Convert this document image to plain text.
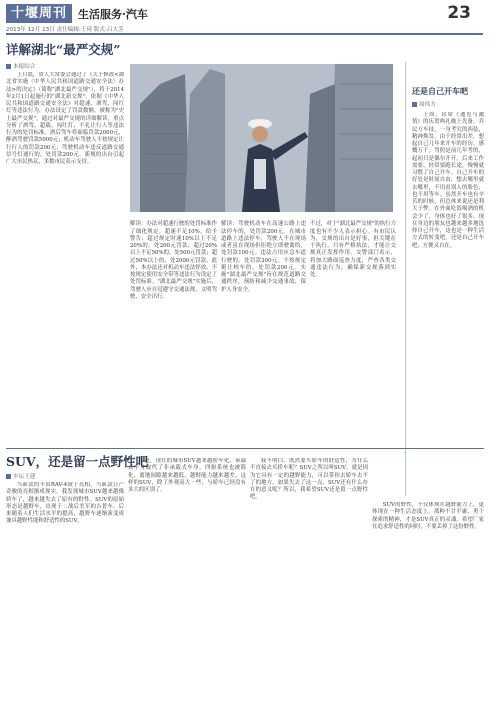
十堰周刊	生活服务·汽车
2013年 12月 13日 责任编辑:王琦 版式:吕大芳
23
详解湖北“最严交规”
本报综合

上月底，省人大常委会通过了《关于修改<湖北省实施〈中华人民共和国道路交通安全法〉办法>的决定》（简称"湖北最严交规"），将于2014年2月1日起施行的"湖北新交规"。依据《中华人民共和国道路交通安全法》对超速、酒驾、闯红灯等违法行为，办法设定了罚款数额，被称为"史上最严交规"。通过对最严交规的详细解读，重点分析了酒驾、超载、闯红灯、不礼让行人等违法行为的处罚标准。酒后驾车将面临罚款2000元，醉酒驾驶罚款5000元；机动车驾驶人不按规定让行行人的罚款200元；驾驶机动车违反道路交通信号灯通行的，处罚款200元。新规的出台引起广大市民热议，多数市民表示支持。

解读：办法对超速行驶的处罚标准作了细化规定。超速不足10%，给予警告；超过规定时速10%以上不足20%的，处200元罚款；超过20%以上不足50%的，处500元罚款；超过50%以上的，处2000元罚款。此外，本办法还对机动车违法停放、不按规定使用安全带等违法行为设定了处罚标准。"湖北最严交规"实施后，驾驶人应自觉遵守交通法规，文明驾驶，安全出行。

解读：驾驶机动车在高速公路上违法停车的，处罚款200元。在城市道路上违法停车，驾驶人不在现场或者虽在现场但拒绝立即驶离的，处罚款100元。违法占用应急车道行驶的，处罚款200元。不按规定避让校车的，处罚款200元。实施"湖北最严交规"旨在规范道路交通秩序，预防和减少交通事故，保护人身安全。

不过，对于"湖北最严交规"的执行力度也有不少人表示担心。有市民认为，交规的出台是好事，但关键在于执行。只有严格执法，才能让交规真正发挥作用。交警部门表示，将加大路面巡查力度，严查各类交通违法行为，确保新交规落到实处。

还是自己开车吧
周伟力

上周，出席《通览与激情》的庆贺典礼晚上先备，乔民方车技，一身考究的西装，精神焕发。由于经常出差，想起自己几年来开车的经历，感慨万千。驾照是前几年考的，起初只是偶尔开开，后来工作需要，经常要跑长途，慢慢就习惯了自己开车。自己开车的好处是时间自由，想去哪里就去哪里，不用看别人的脸色，也不用等车。虽然开车也有辛苦的时候，但总体来说还是利大于弊。在外面吃饭喝酒的机会少了，身体也好了很多。现在身边的朋友也越来越多地选择自己开车，这也是一种生活方式的转变吧。还是自己开车吧，方便又自在。

SUV，还是留一点野性吧
车坛王建

当新款的丰田RAV-4致于亮相，当新款日产奇骏的亮相渐成现实，我发现城市SUV越来越像轿车了，越来越失去了原有的野性。SUV的原始形态是越野车，出现于二战后美军的吉普车。后来随着人们生活水平的提高，越野车逐渐演变成兼具越野性能和舒适性的SUV。

可是，现在的城市SUV越来越轿车化，承载式车身取代了非承载式车身，四驱系统也被简化，离地间隙越来越低，越野能力越来越差。这样的SUV，除了外观高大一些，与轿车已经没有多大的区别了。

我不明白，既然要买轿车的舒适性，为什么不直接去买轿车呢？SUV之所以叫SUV，就是因为它具有一定的越野能力，可以带你去轿车去不了的地方。如果失去了这一点，SUV还有什么存在的意义呢？所以，我希望SUV还是留一点野性吧。

SUV的野性，不仅体现在越野能力上，更体现在一种生活态度上。那种不甘平庸、勇于探索的精神，才是SUV真正的灵魂。希望厂家在追求舒适性的同时，不要丢掉了这份野性。
